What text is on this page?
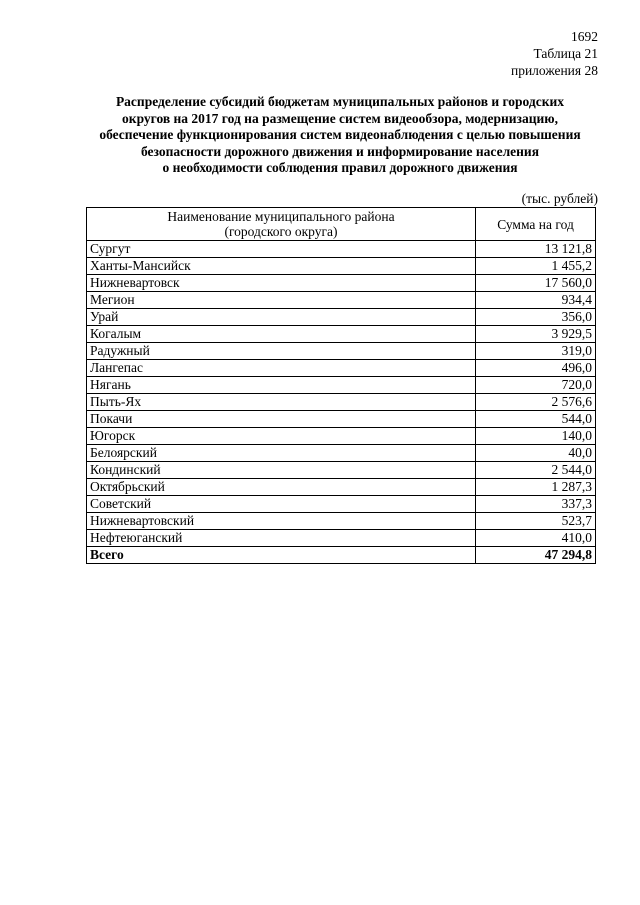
1692
Таблица 21
приложения 28
Распределение субсидий бюджетам муниципальных районов и городских
округов на 2017 год на размещение систем видеообзора, модернизацию,
обеспечение функционирования систем видеонаблюдения с целью повышения
безопасности дорожного движения и информирование населения
о необходимости соблюдения правил дорожного движения
(тыс. рублей)
Наименование муниципального района
(городского округа)	Сумма на год
Сургут	13 121,8
Ханты-Мансийск	1 455,2
Нижневартовск	17 560,0
Мегион	934,4
Урай	356,0
Когалым	3 929,5
Радужный	319,0
Лангепас	496,0
Нягань	720,0
Пыть-Ях	2 576,6
Покачи	544,0
Югорск	140,0
Белоярский	40,0
Кондинский	2 544,0
Октябрьский	1 287,3
Советский	337,3
Нижневартовский	523,7
Нефтеюганский	410,0
Всего	47 294,8
